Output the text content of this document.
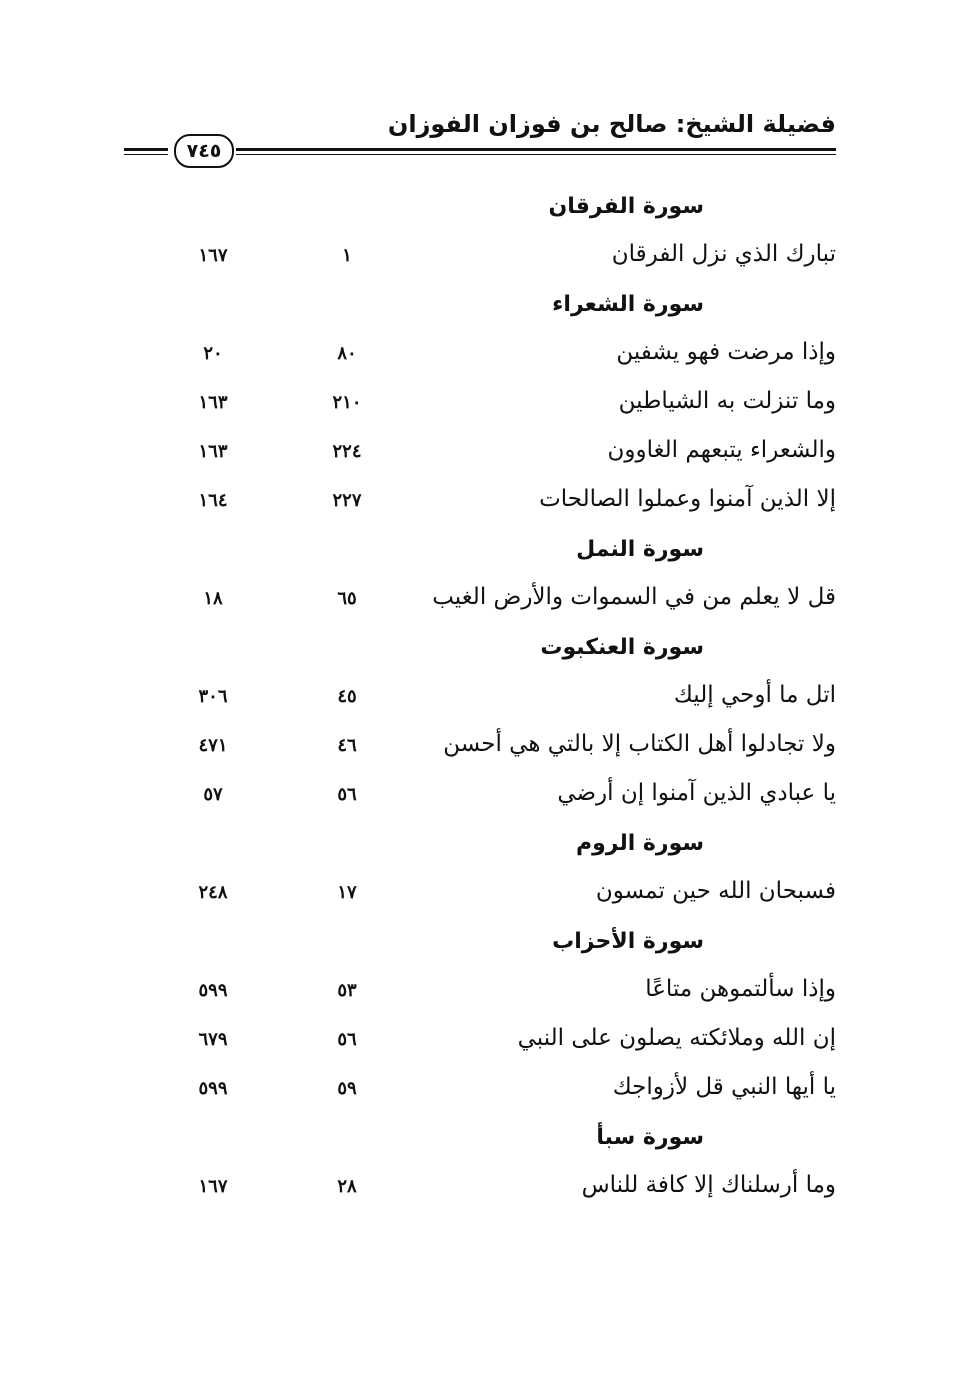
فضيلة الشيخ: صالح بن فوزان الفوزان
٧٤٥
سورة الفرقان
تبارك الذي نزل الفرقان
١
١٦٧
سورة الشعراء
وإذا مرضت فهو يشفين
٨٠
٢٠
وما تنزلت به الشياطين
٢١٠
١٦٣
والشعراء يتبعهم الغاوون
٢٢٤
١٦٣
إلا الذين آمنوا وعملوا الصالحات
٢٢٧
١٦٤
سورة النمل
قل لا يعلم من في السموات والأرض الغيب
٦٥
١٨
سورة العنكبوت
اتل ما أوحي إليك
٤٥
٣٠٦
ولا تجادلوا أهل الكتاب إلا بالتي هي أحسن
٤٦
٤٧١
يا عبادي الذين آمنوا إن أرضي
٥٦
٥٧
سورة الروم
فسبحان الله حين تمسون
١٧
٢٤٨
سورة الأحزاب
وإذا سألتموهن متاعًا
٥٣
٥٩٩
إن الله وملائكته يصلون على النبي
٥٦
٦٧٩
يا أيها النبي قل لأزواجك
٥٩
٥٩٩
سورة سبأ
وما أرسلناك إلا كافة للناس
٢٨
١٦٧
